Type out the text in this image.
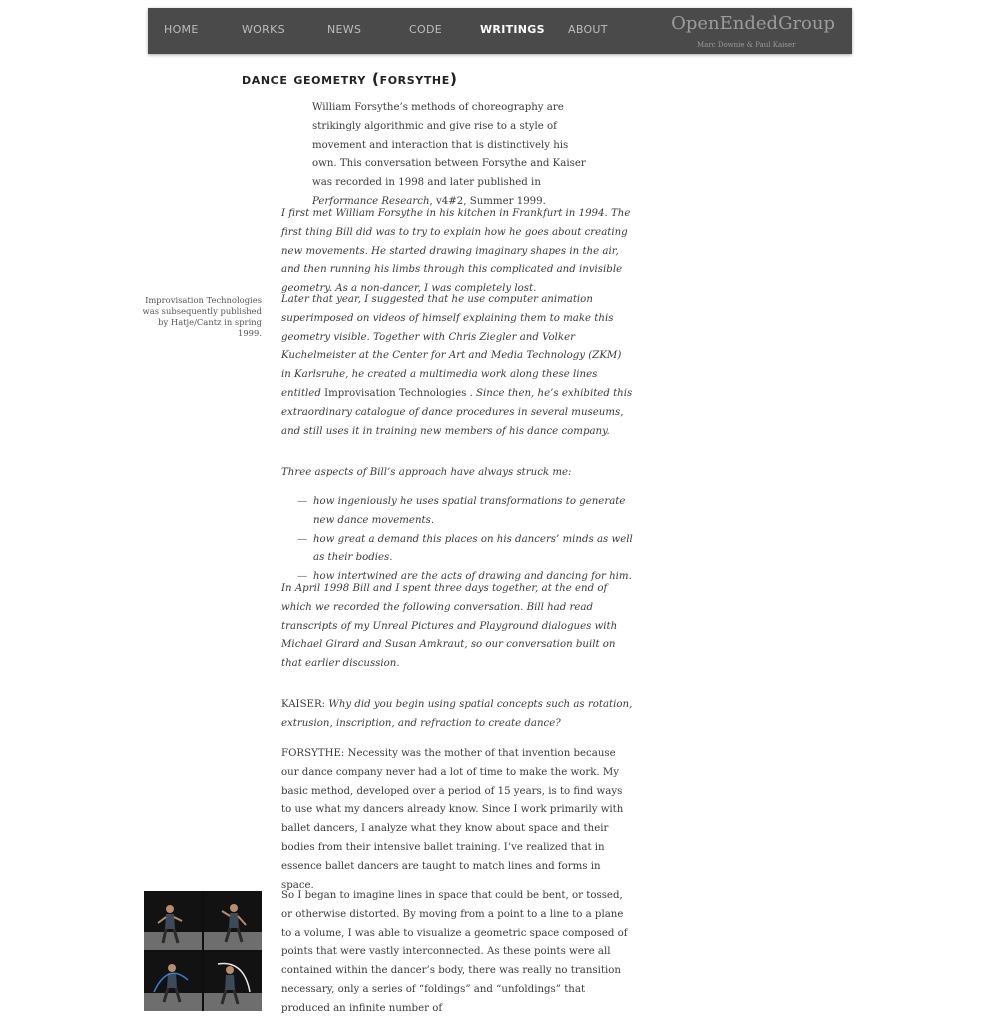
HOME	WORKS	NEWS	CODE	WRITINGS ABOUT	OpenEndedGroup
Marc Downie & Paul Kaiser
dance geometry (forsythe)

William Forsythe’s methods of choreography are strikingly algorithmic and give rise to a style of movement and interaction that is distinctively his own. This conversation between Forsythe and Kaiser was recorded in 1998 and later published in Performance Research, v4#2, Summer 1999.

I first met William Forsythe in his kitchen in Frankfurt in 1994. The first thing Bill did was to try to explain how he goes about creating new movements. He started drawing imaginary shapes in the air, and then running his limbs through this complicated and invisible geometry. As a non-dancer, I was completely lost.

Improvisation Technologies was subsequently published by Hatje/Cantz in spring 1999.

Later that year, I suggested that he use computer animation superimposed on videos of himself explaining them to make this geometry visible. Together with Chris Ziegler and Volker Kuchelmeister at the Center for Art and Media Technology (ZKM) in Karlsruhe, he created a multimedia work along these lines entitled Improvisation Technologies . Since then, he’s exhibited this extraordinary catalogue of dance procedures in several museums, and still uses it in training new members of his dance company.

Three aspects of Bill’s approach have always struck me:

— how ingeniously he uses spatial transformations to generate new dance movements.
— how great a demand this places on his dancers’ minds as well as their bodies.
— how intertwined are the acts of drawing and dancing for him.

In April 1998 Bill and I spent three days together, at the end of which we recorded the following conversation. Bill had read transcripts of my Unreal Pictures and Playground dialogues with Michael Girard and Susan Amkraut, so our conversation built on that earlier discussion.

KAISER: Why did you begin using spatial concepts such as rotation, extrusion, inscription, and refraction to create dance?

FORSYTHE: Necessity was the mother of that invention because our dance company never had a lot of time to make the work. My basic method, developed over a period of 15 years, is to find ways to use what my dancers already know. Since I work primarily with ballet dancers, I analyze what they know about space and their bodies from their intensive ballet training. I’ve realized that in essence ballet dancers are taught to match lines and forms in space.

So I began to imagine lines in space that could be bent, or tossed, or otherwise distorted. By moving from a point to a line to a plane to a volume, I was able to visualize a geometric space composed of points that were vastly interconnected. As these points were all contained within the dancer’s body, there was really no transition necessary, only a series of “foldings” and “unfoldings” that produced an infinite number of
